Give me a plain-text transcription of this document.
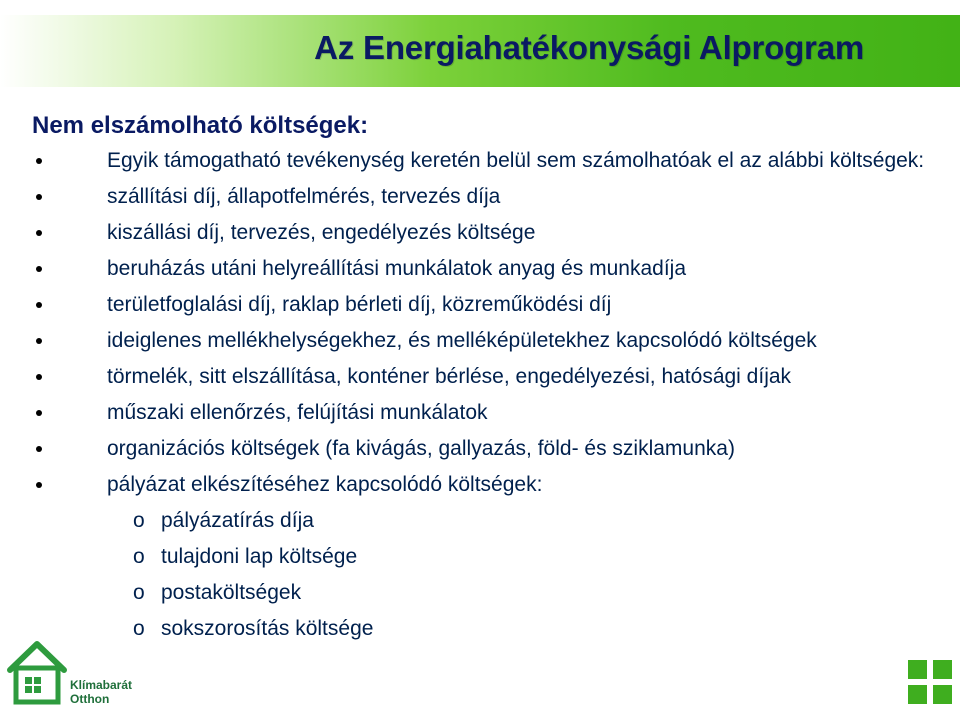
Az Energiahatékonysági Alprogram
Nem elszámolható költségek:
Egyik támogatható tevékenység keretén belül sem számolhatóak el az alábbi költségek:
szállítási díj, állapotfelmérés, tervezés díja
kiszállási díj, tervezés, engedélyezés költsége
beruházás utáni helyreállítási munkálatok anyag és munkadíja
területfoglalási díj, raklap bérleti díj, közreműködési díj
ideiglenes mellékhelységekhez, és melléképületekhez kapcsolódó költségek
törmelék, sitt elszállítása, konténer bérlése, engedélyezési, hatósági díjak
műszaki ellenőrzés, felújítási munkálatok
organizációs költségek (fa kivágás, gallyazás, föld- és sziklamunka)
pályázat elkészítéséhez kapcsolódó költségek:
o pályázatírás díja
o tulajdoni lap költsége
o postaköltségek
o sokszorosítás költsége
Klímabarát
Otthon
